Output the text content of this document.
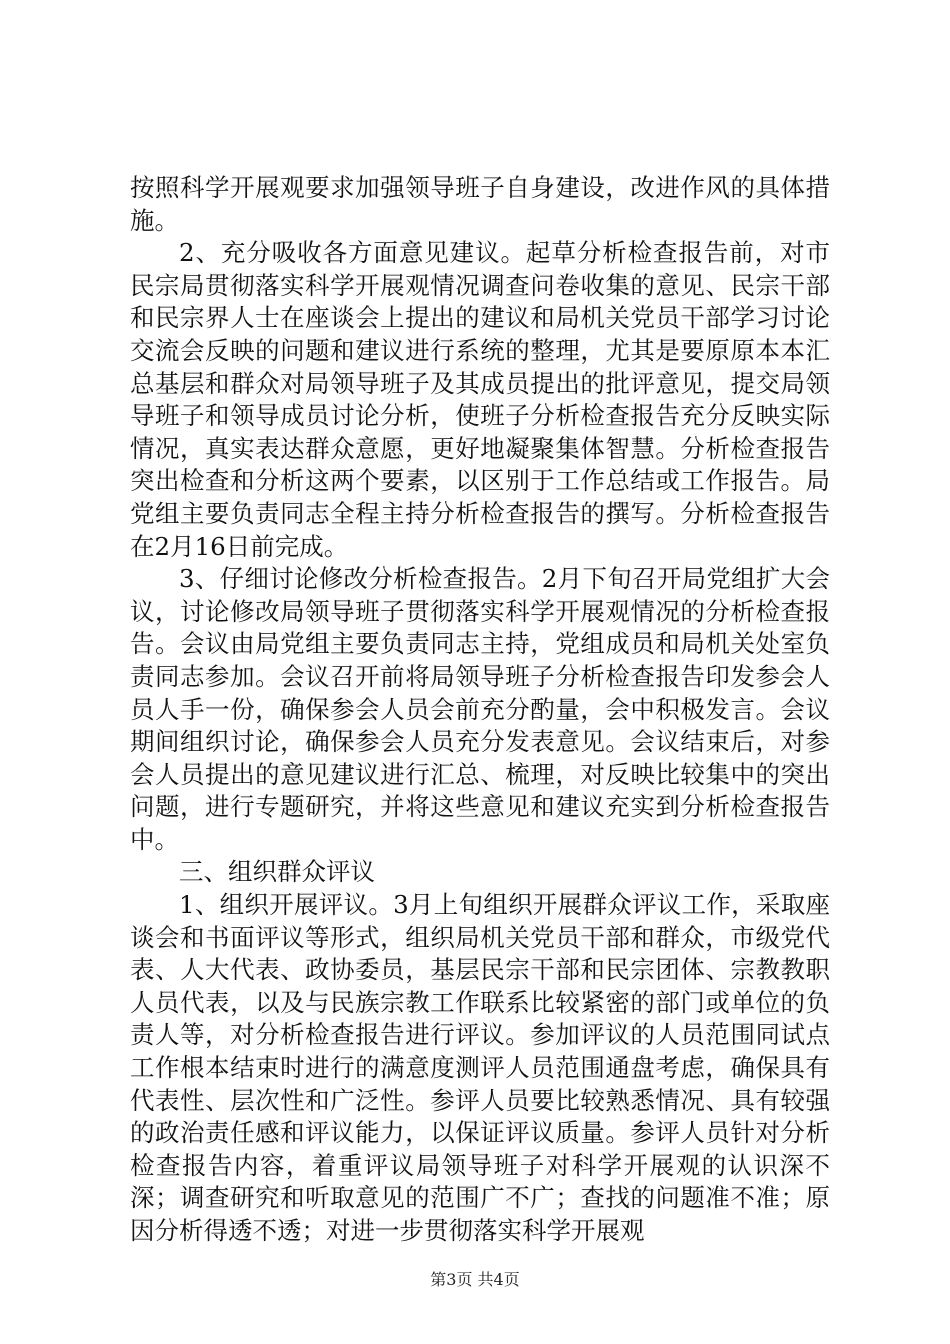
按照科学开展观要求加强领导班子自身建设，改进作风的具体措施。

2、充分吸收各方面意见建议。起草分析检查报告前，对市民宗局贯彻落实科学开展观情况调查问卷收集的意见、民宗干部和民宗界人士在座谈会上提出的建议和局机关党员干部学习讨论交流会反映的问题和建议进行系统的整理，尤其是要原原本本汇总基层和群众对局领导班子及其成员提出的批评意见，提交局领导班子和领导成员讨论分析，使班子分析检查报告充分反映实际情况，真实表达群众意愿，更好地凝聚集体智慧。分析检查报告突出检查和分析这两个要素，以区别于工作总结或工作报告。局党组主要负责同志全程主持分析检查报告的撰写。分析检查报告在2月16日前完成。

3、仔细讨论修改分析检查报告。2月下旬召开局党组扩大会议，讨论修改局领导班子贯彻落实科学开展观情况的分析检查报告。会议由局党组主要负责同志主持，党组成员和局机关处室负责同志参加。会议召开前将局领导班子分析检查报告印发参会人员人手一份，确保参会人员会前充分酌量，会中积极发言。会议期间组织讨论，确保参会人员充分发表意见。会议结束后，对参会人员提出的意见建议进行汇总、梳理，对反映比较集中的突出问题，进行专题研究，并将这些意见和建议充实到分析检查报告中。

三、组织群众评议

1、组织开展评议。3月上旬组织开展群众评议工作，采取座谈会和书面评议等形式，组织局机关党员干部和群众，市级党代表、人大代表、政协委员，基层民宗干部和民宗团体、宗教教职人员代表，以及与民族宗教工作联系比较紧密的部门或单位的负责人等，对分析检查报告进行评议。参加评议的人员范围同试点工作根本结束时进行的满意度测评人员范围通盘考虑，确保具有代表性、层次性和广泛性。参评人员要比较熟悉情况、具有较强的政治责任感和评议能力，以保证评议质量。参评人员针对分析检查报告内容，着重评议局领导班子对科学开展观的认识深不深；调查研究和听取意见的范围广不广；查找的问题准不准；原因分析得透不透；对进一步贯彻落实科学开展观

第3页 共4页
